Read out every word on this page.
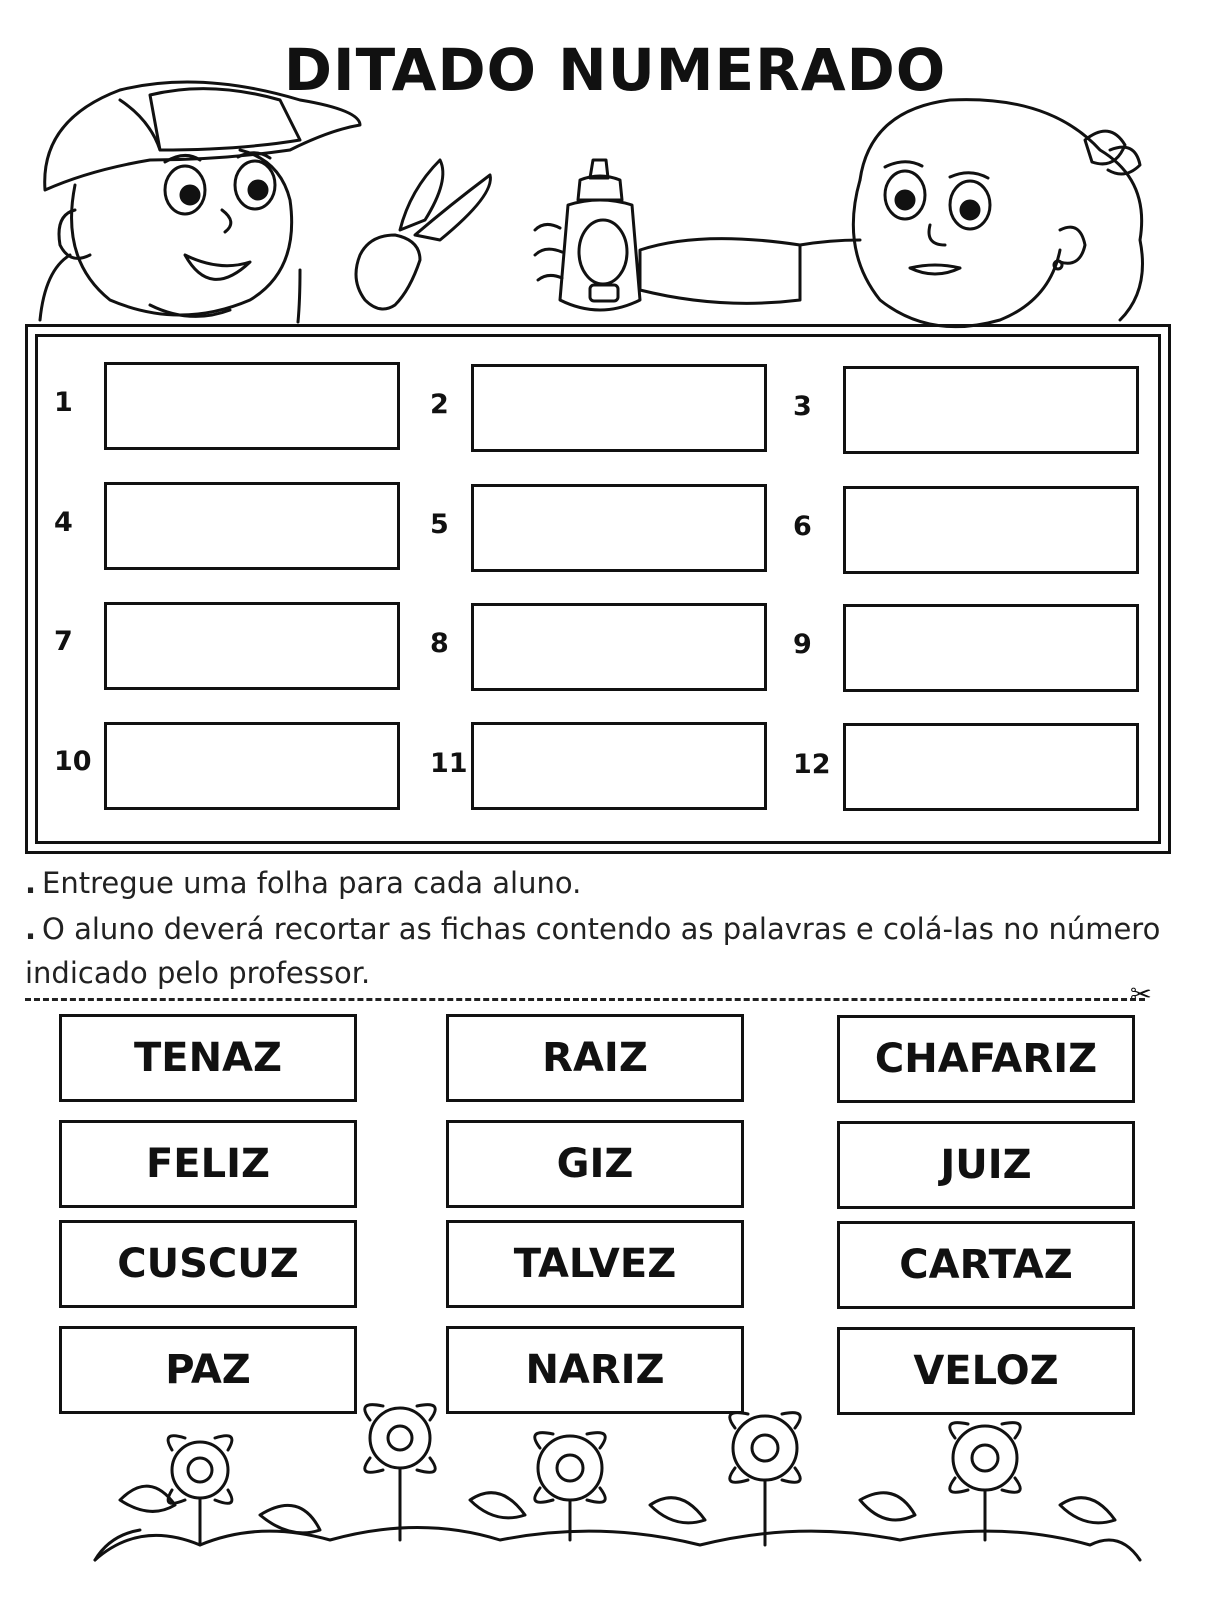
DITADO NUMERADO
1	2	3
4	5	6
7	8	9
10	11	12
. Entregue uma folha para cada aluno.
. O aluno deverá recortar as fichas contendo as palavras e colá-las no número indicado pelo professor.
✂
TENAZ	RAIZ	CHAFARIZ
FELIZ	GIZ	JUIZ
CUSCUZ	TALVEZ	CARTAZ
PAZ	NARIZ	VELOZ
